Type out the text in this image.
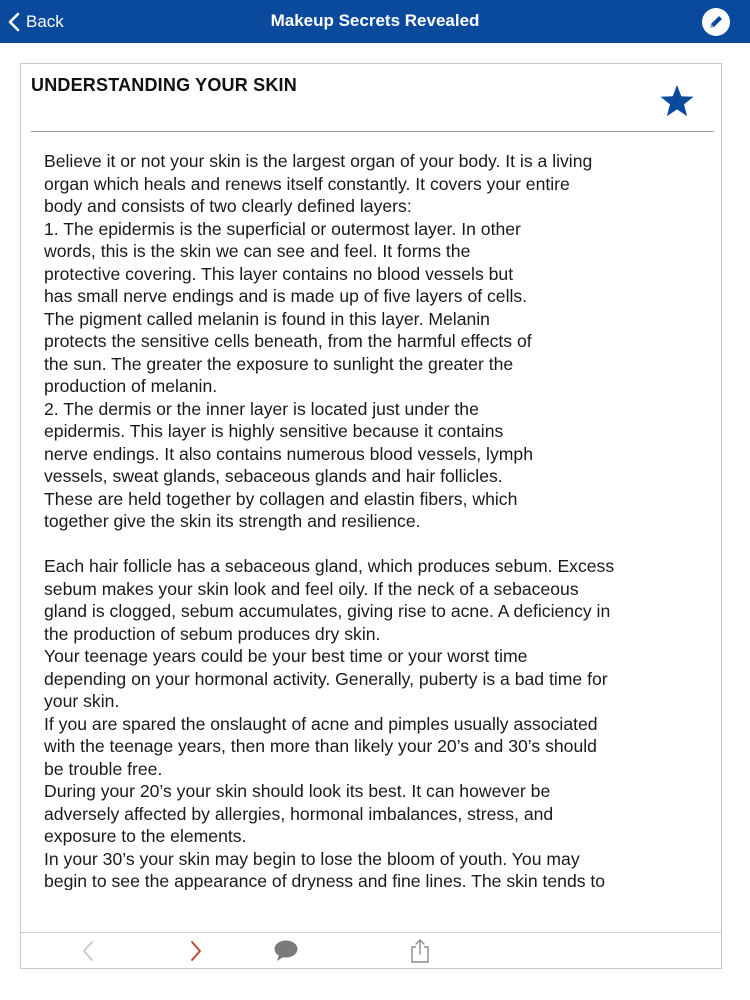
Back	Makeup Secrets Revealed
UNDERSTANDING YOUR SKIN

Believe it or not your skin is the largest organ of your body. It is a living
organ which heals and renews itself constantly. It covers your entire
body and consists of two clearly defined layers:
1. The epidermis is the superficial or outermost layer. In other
words, this is the skin we can see and feel. It forms the
protective covering. This layer contains no blood vessels but
has small nerve endings and is made up of five layers of cells.
The pigment called melanin is found in this layer. Melanin
protects the sensitive cells beneath, from the harmful effects of
the sun. The greater the exposure to sunlight the greater the
production of melanin.
2. The dermis or the inner layer is located just under the
epidermis. This layer is highly sensitive because it contains
nerve endings. It also contains numerous blood vessels, lymph
vessels, sweat glands, sebaceous glands and hair follicles.
These are held together by collagen and elastin fibers, which
together give the skin its strength and resilience.

Each hair follicle has a sebaceous gland, which produces sebum. Excess
sebum makes your skin look and feel oily. If the neck of a sebaceous
gland is clogged, sebum accumulates, giving rise to acne. A deficiency in
the production of sebum produces dry skin.
Your teenage years could be your best time or your worst time
depending on your hormonal activity. Generally, puberty is a bad time for
your skin.
If you are spared the onslaught of acne and pimples usually associated
with the teenage years, then more than likely your 20’s and 30’s should
be trouble free.
During your 20’s your skin should look its best. It can however be
adversely affected by allergies, hormonal imbalances, stress, and
exposure to the elements.
In your 30’s your skin may begin to lose the bloom of youth. You may
begin to see the appearance of dryness and fine lines. The skin tends to
